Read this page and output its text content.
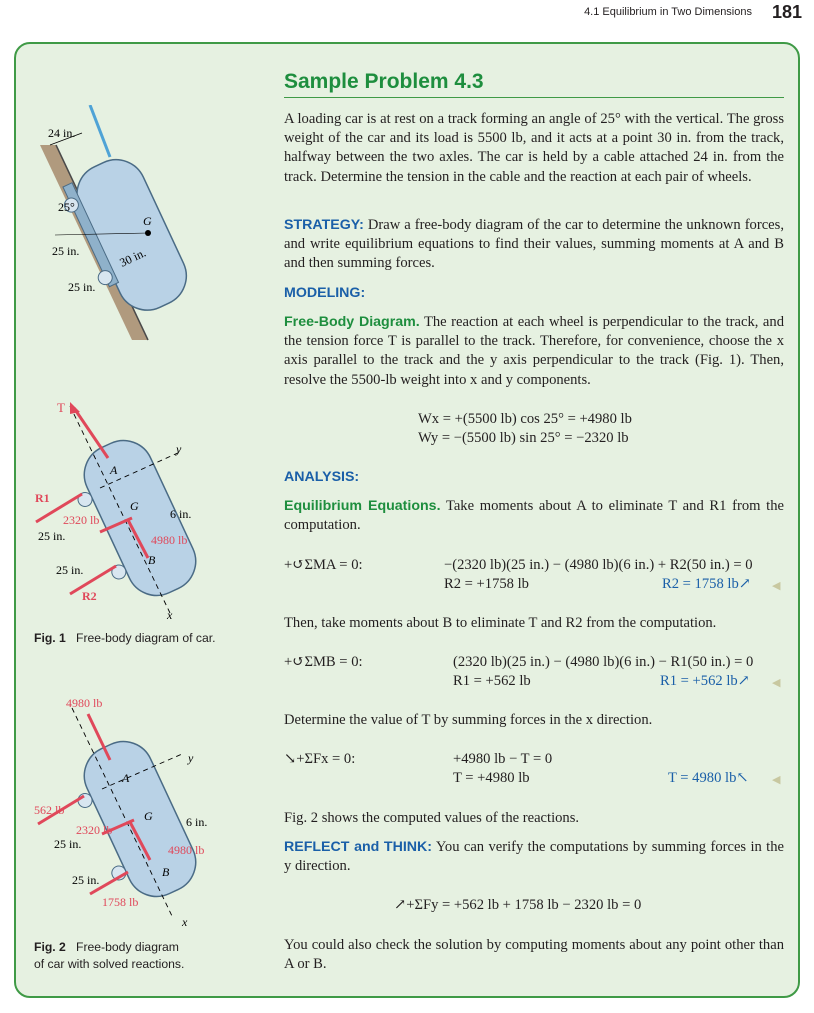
4.1 Equilibrium in Two Dimensions 181
Sample Problem 4.3
A loading car is at rest on a track forming an angle of 25° with the vertical. The gross weight of the car and its load is 5500 lb, and it acts at a point 30 in. from the track, halfway between the two axles. The car is held by a cable attached 24 in. from the track. Determine the tension in the cable and the reaction at each pair of wheels.
STRATEGY: Draw a free-body diagram of the car to determine the unknown forces, and write equilibrium equations to find their values, summing moments at A and B and then summing forces.
MODELING:
Free-Body Diagram. The reaction at each wheel is perpendicular to the track, and the tension force T is parallel to the track. Therefore, for convenience, choose the x axis parallel to the track and the y axis perpendicular to the track (Fig. 1). Then, resolve the 5500-lb weight into x and y components.
Wx = +(5500 lb) cos 25° = +4980 lb
Wy = −(5500 lb) sin 25° = −2320 lb
ANALYSIS:
Equilibrium Equations. Take moments about A to eliminate T and R1 from the computation.
+↺ΣMA = 0:	−(2320 lb)(25 in.) − (4980 lb)(6 in.) + R2(50 in.) = 0
R2 = +1758 lb	R2 = 1758 lb↗ ◀
Then, take moments about B to eliminate T and R2 from the computation.
+↺ΣMB = 0:	(2320 lb)(25 in.) − (4980 lb)(6 in.) − R1(50 in.) = 0
R1 = +562 lb	R1 = +562 lb↗ ◀
Determine the value of T by summing forces in the x direction.
↘+ΣFx = 0:	+4980 lb − T = 0
T = +4980 lb	T = 4980 lb↖ ◀
Fig. 2 shows the computed values of the reactions.
REFLECT and THINK: You can verify the computations by summing forces in the y direction.
↗+ΣFy = +562 lb + 1758 lb − 2320 lb = 0
You could also check the solution by computing moments about any point other than A or B.
G
24 in.
25°
25 in.	30 in.
25 in.
T
R1
R2
2320 lb
4980 lb
6 in.
25 in.
25 in.
A
B
G
x
y
Fig. 1 Free-body diagram of car.
4980 lb
562 lb
1758 lb
2320 lb
4980 lb
6 in.
25 in.
25 in.
A
B
G
x
y
Fig. 2 Free-body diagram
of car with solved reactions.
